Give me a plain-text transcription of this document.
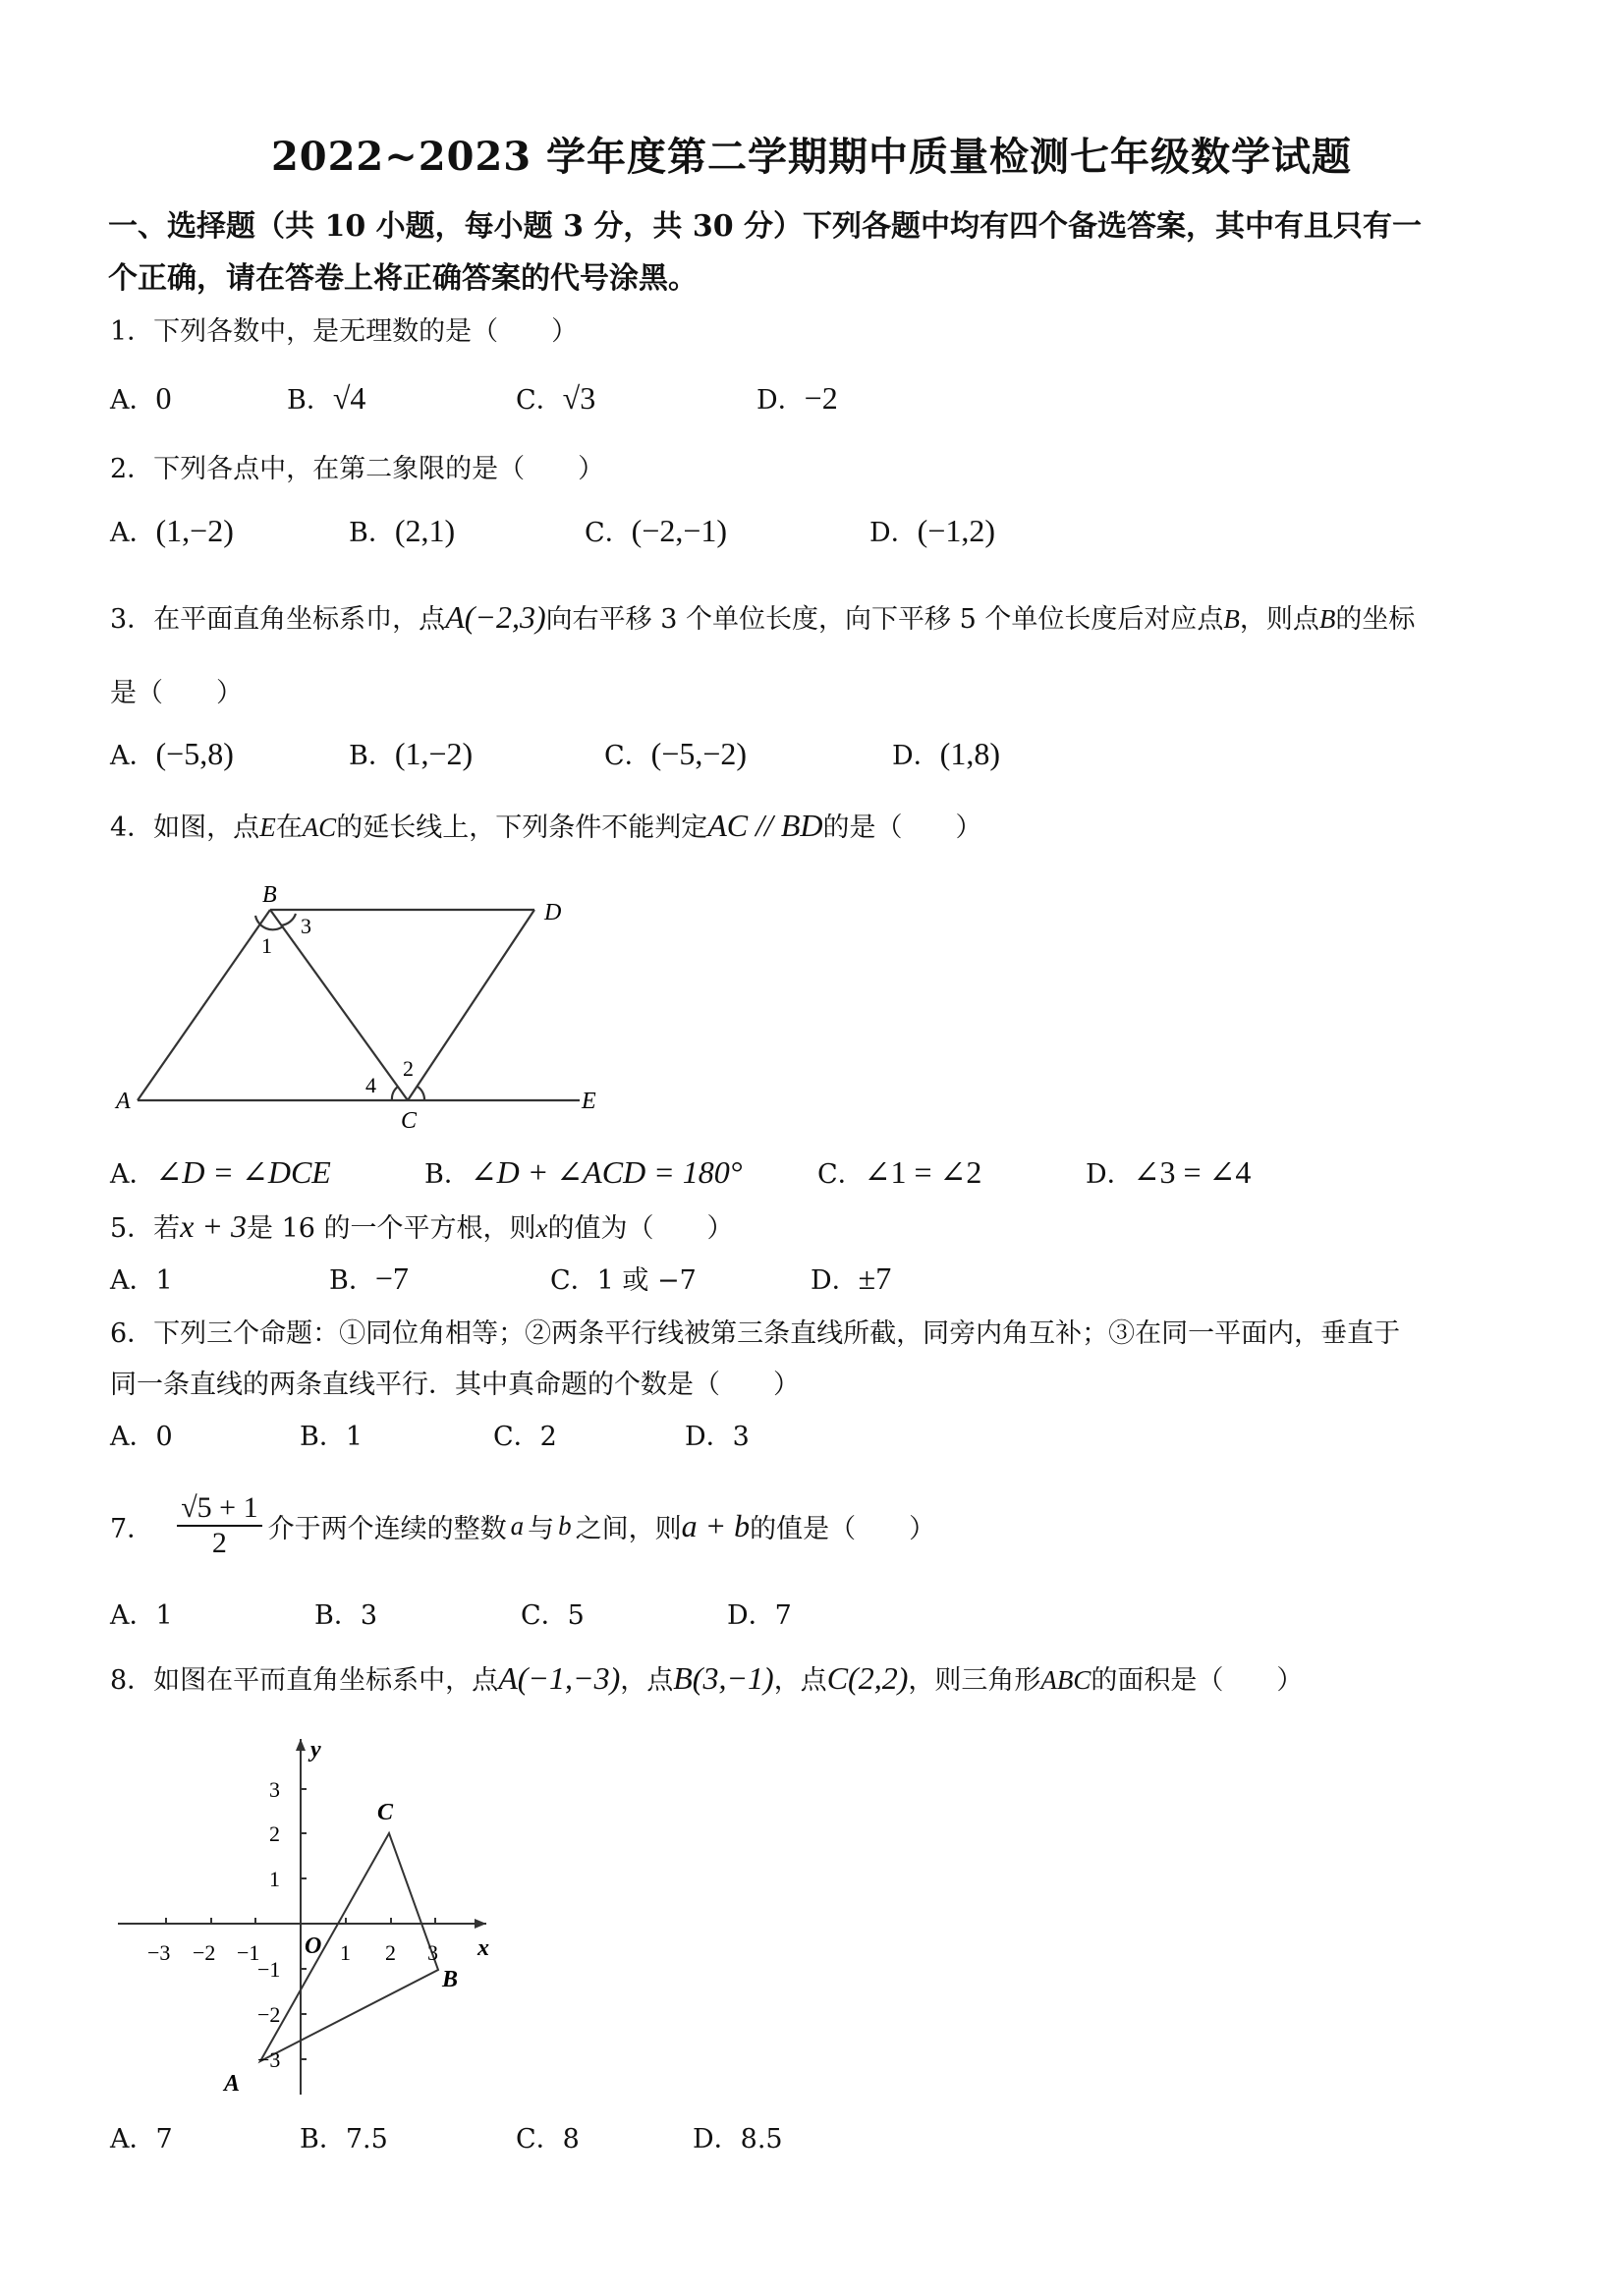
2022~2023 学年度第二学期期中质量检测七年级数学试题
一、选择题（共 10 小题，每小题 3 分，共 30 分）下列各题中均有四个备选答案，其中有且只有一
个正确，请在答卷上将正确答案的代号涂黑。
1．下列各数中，是无理数的是（　　）
A．0	B．√4	C．√3	D．−2
2．下列各点中，在第二象限的是（　　）
A．(1,−2)	B．(2,1)	C．(−2,−1)	D．(−1,2)
3．在平面直角坐标系巾，点A(−2,3)向右平移 3 个单位长度，向下平移 5 个单位长度后对应点B，则点B的坐标
是（　　）
A．(−5,8)	B．(1,−2)	C．(−5,−2)	D．(1,8)
4．如图，点E在AC的延长线上，下列条件不能判定AC // BD的是（　　）
B
D
A
C
E
1
3
2
4
A．∠D = ∠DCE	B．∠D + ∠ACD = 180°	C．∠1 = ∠2	D．∠3 = ∠4
5．若x + 3是 16 的一个平方根，则x的值为（　　）
A．1	B．−7	C．1 或 −7	D．±7
6．下列三个命题：①同位角相等；②两条平行线被第三条直线所截，同旁内角互补；③在同一平面内，垂直于
同一条直线的两条直线平行．其中真命题的个数是（　　）
A．0	B．1	C．2	D．3
7． $\frac{√5 + 1}{2}$ 介于两个连续的整数 a 与 b 之间，则 a + b 的值是（　　）
A．1	B．3	C．5	D．7
8．如图在平而直角坐标系中，点A(−1,−3)，点B(3,−1)，点C(2,2)，则三角形ABC的面积是（　　）
−3 −2 −1	1 2 3
3
2
1
−1
−2
−3
O	x
y
A
B
C
A．7	B．7.5	C．8	D．8.5
